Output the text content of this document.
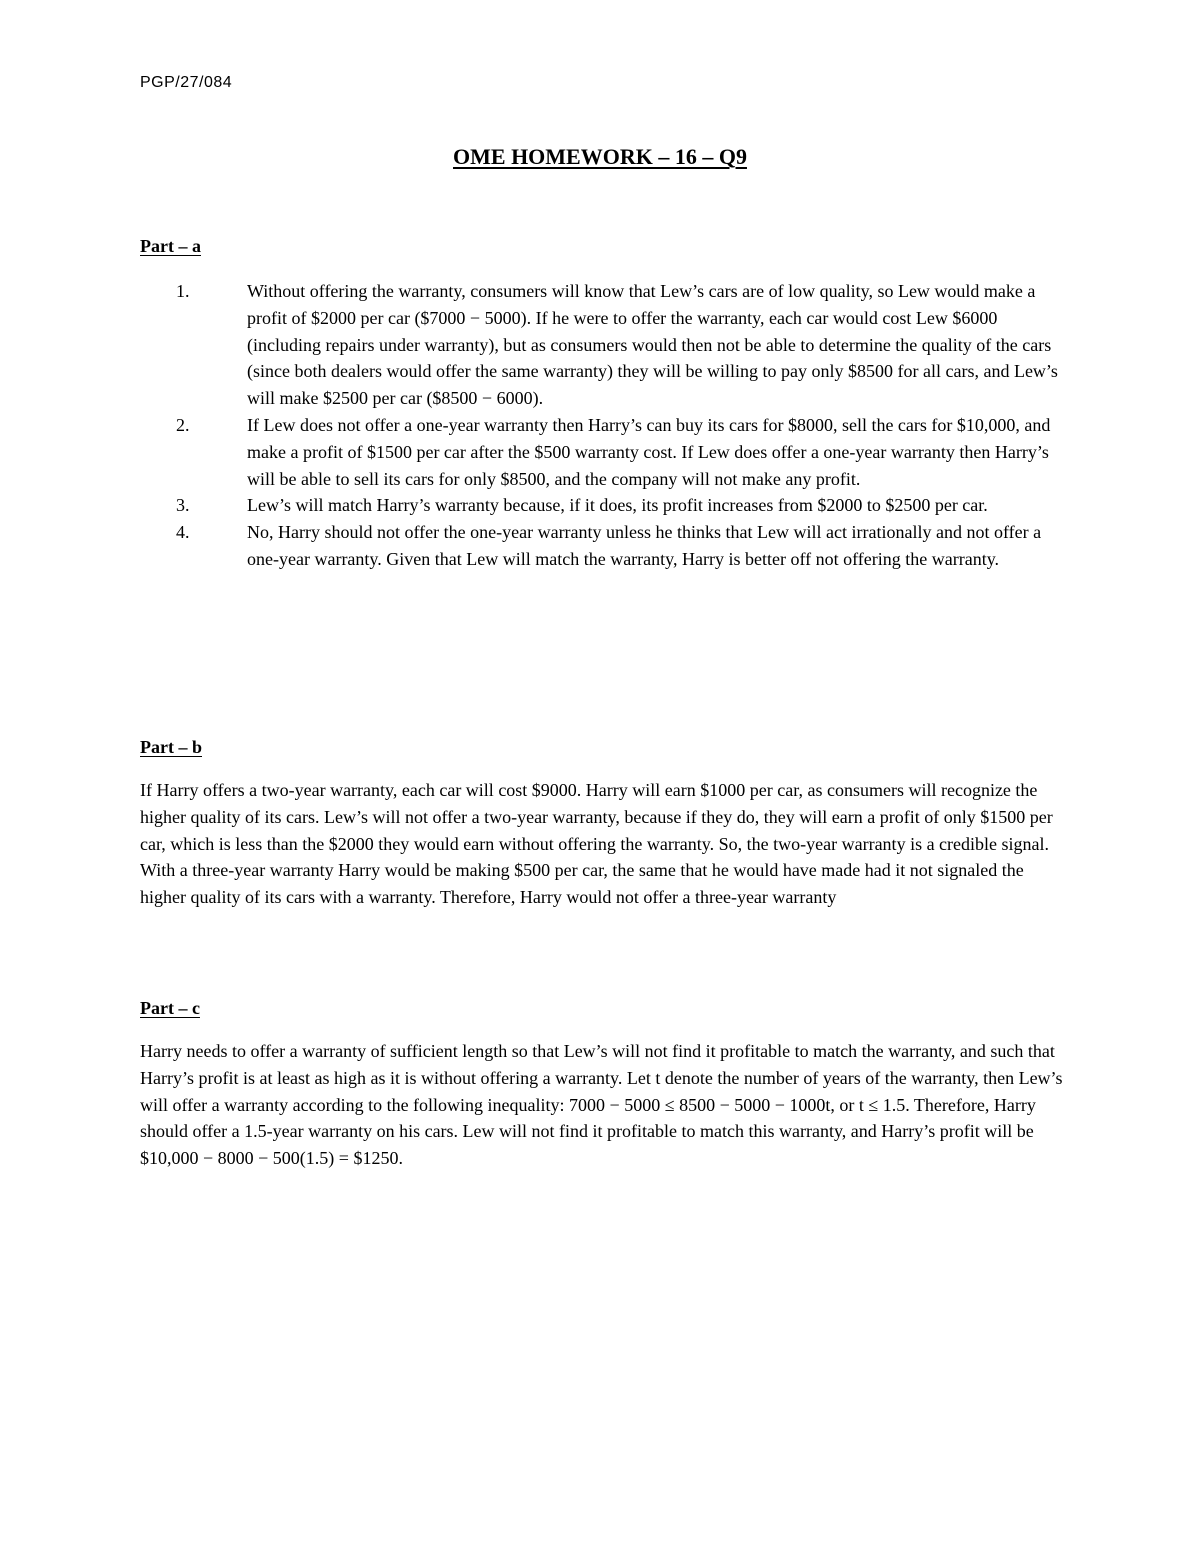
PGP/27/084
OME HOMEWORK – 16 – Q9
Part – a
1.	Without offering the warranty, consumers will know that Lew’s cars are of low quality, so Lew would make a profit of $2000 per car ($7000 − 5000). If he were to offer the warranty, each car would cost Lew $6000 (including repairs under warranty), but as consumers would then not be able to determine the quality of the cars (since both dealers would offer the same warranty) they will be willing to pay only $8500 for all cars, and Lew’s will make $2500 per car ($8500 − 6000).
2.	If Lew does not offer a one-year warranty then Harry’s can buy its cars for $8000, sell the cars for $10,000, and make a profit of $1500 per car after the $500 warranty cost. If Lew does offer a one-year warranty then Harry’s will be able to sell its cars for only $8500, and the company will not make any profit.
3.	Lew’s will match Harry’s warranty because, if it does, its profit increases from $2000 to $2500 per car.
4.	No, Harry should not offer the one-year warranty unless he thinks that Lew will act irrationally and not offer a one-year warranty. Given that Lew will match the warranty, Harry is better off not offering the warranty.
Part – b

If Harry offers a two-year warranty, each car will cost $9000. Harry will earn $1000 per car, as consumers will recognize the higher quality of its cars. Lew’s will not offer a two-year warranty, because if they do, they will earn a profit of only $1500 per car, which is less than the $2000 they would earn without offering the warranty. So, the two-year warranty is a credible signal. With a three-year warranty Harry would be making $500 per car, the same that he would have made had it not signaled the higher quality of its cars with a warranty. Therefore, Harry would not offer a three-year warranty

Part – c

Harry needs to offer a warranty of sufficient length so that Lew’s will not find it profitable to match the warranty, and such that Harry’s profit is at least as high as it is without offering a warranty. Let t denote the number of years of the warranty, then Lew’s will offer a warranty according to the following inequality: 7000 − 5000 ≤ 8500 − 5000 − 1000t, or t ≤ 1.5. Therefore, Harry should offer a 1.5-year warranty on his cars. Lew will not find it profitable to match this warranty, and Harry’s profit will be $10,000 − 8000 − 500(1.5) = $1250.
